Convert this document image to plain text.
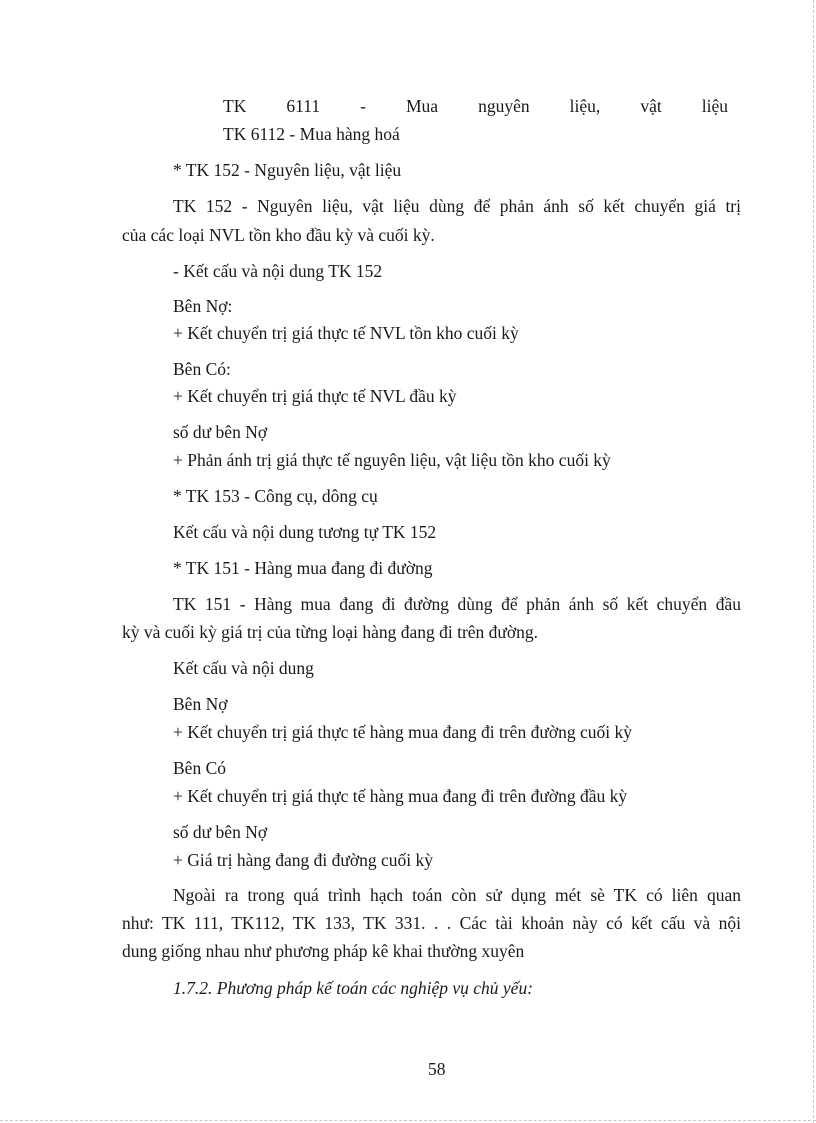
TK 6111 - Mua nguyên liệu, vật liệu
TK 6112 - Mua hàng hoá
* TK 152 - Nguyên liệu, vật liệu
TK 152 - Nguyên liệu, vật liệu dùng để phản ánh số kết chuyển giá trị
của các loại NVL tồn kho đầu kỳ và cuối kỳ.
- Kết cấu và nội dung TK 152
Bên Nợ:
+ Kết chuyển trị giá thực tế NVL tồn kho cuối kỳ
Bên Có:
+ Kết chuyển trị giá thực tế NVL đầu kỳ
số dư bên Nợ
+ Phản ánh trị giá thực tế nguyên liệu, vật liệu tồn kho cuối kỳ
* TK 153 - Công cụ, dông cụ
Kết cấu và nội dung tương tự TK 152
* TK 151 - Hàng mua đang đi đường
TK 151 - Hàng mua đang đi đường dùng để phản ánh số kết chuyển đầu
kỳ và cuối kỳ giá trị của từng loại hàng đang đi trên đường.
Kết cấu và nội dung
Bên Nợ
+ Kết chuyển trị giá thực tế hàng mua đang đi trên đường cuối kỳ
Bên Có
+ Kết chuyển trị giá thực tế hàng mua đang đi trên đường đầu kỳ
số dư bên Nợ
+ Giá trị hàng đang đi đường cuối kỳ
Ngoài ra trong quá trình hạch toán còn sử dụng mét sè TK có liên quan
như: TK 111, TK112, TK 133, TK 331. . . Các tài khoản này có kết cấu và nội
dung giống nhau như phương pháp kê khai thường xuyên
1.7.2. Phương pháp kế toán các nghiệp vụ chủ yếu:
58
